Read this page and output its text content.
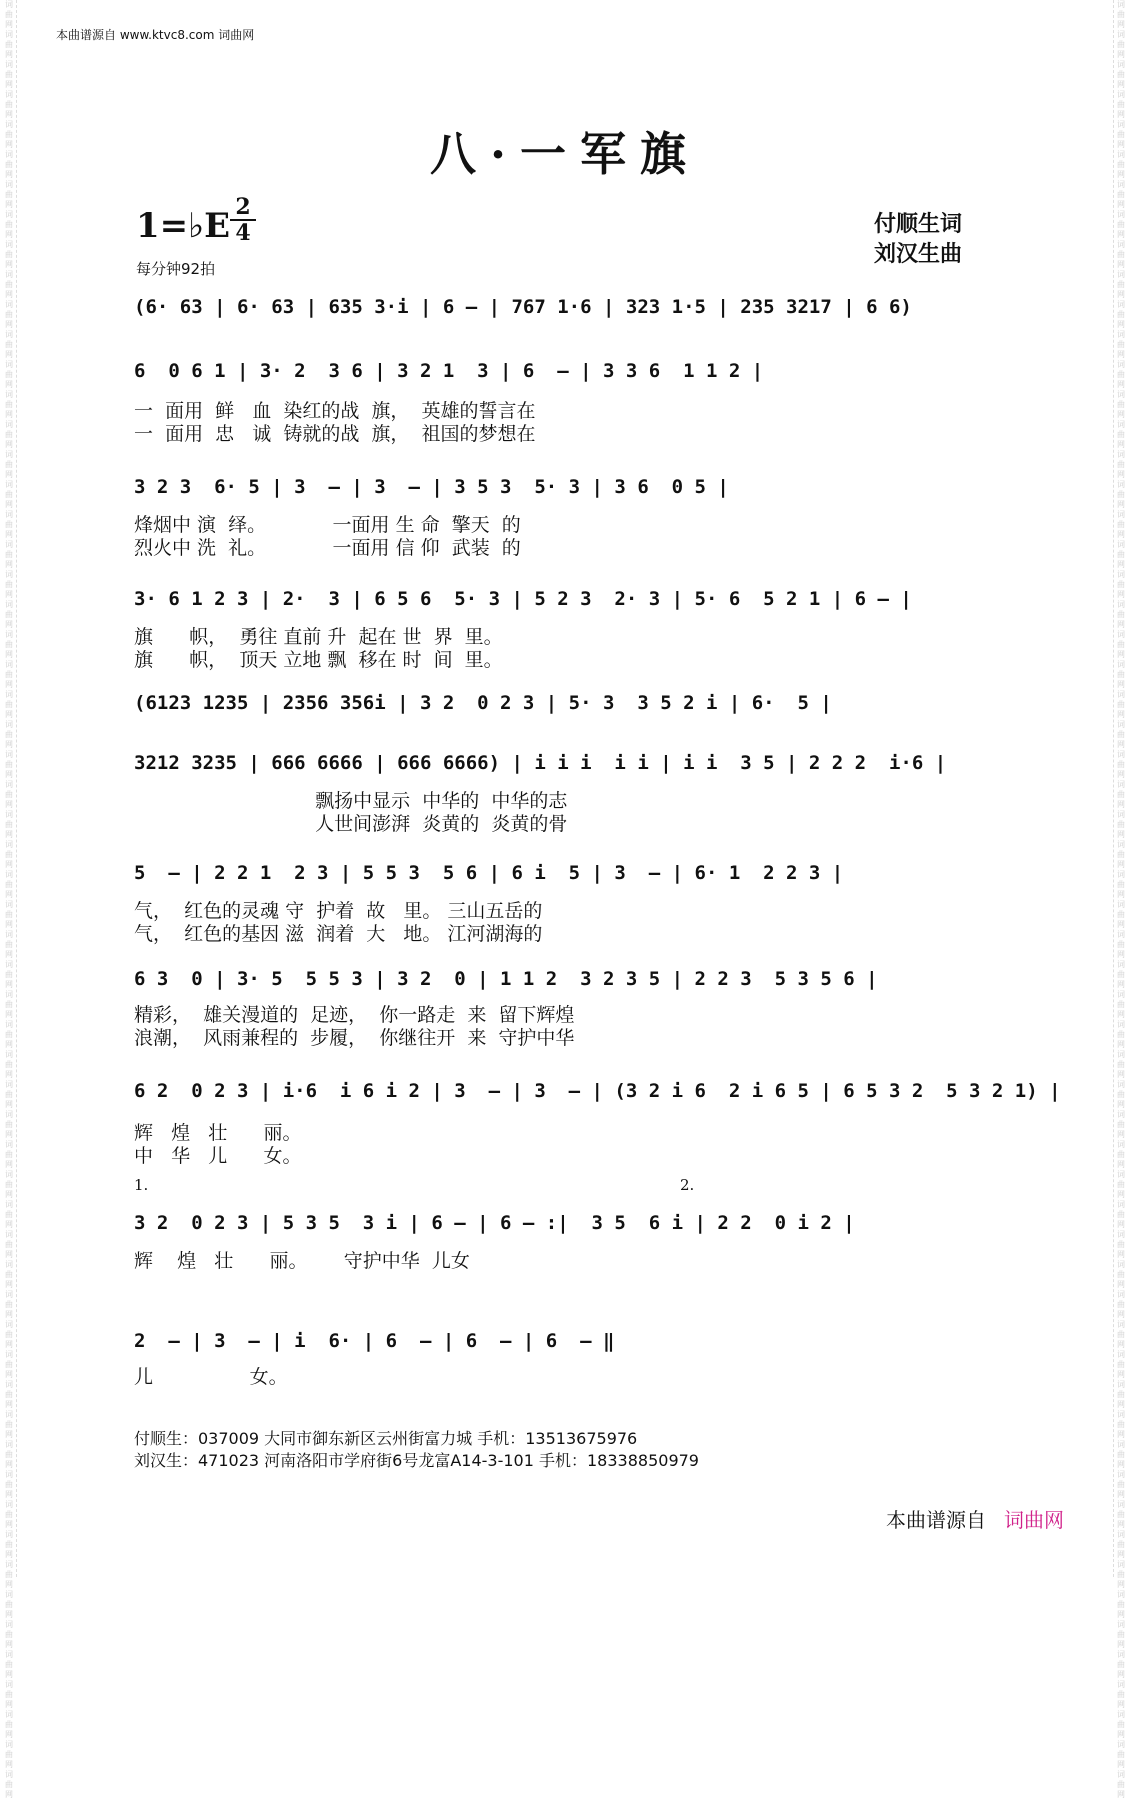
词 曲 网 词 曲 网 词 曲 网 词 曲 网 词 曲 网 词 曲 网 词 曲 网 词 曲 网 词 曲 网 词 曲 网 词 曲 网 词 曲 网 词 曲 网 词 曲 网 词 曲 网 词 曲 网 词 曲 网 词 曲 网 词 曲 网 词 曲 网 词 曲 网 词 曲 网 词 曲 网 词 曲 网 词 曲 网 词 曲 网 词 曲 网 词 曲 网 词 曲 网 词 曲 网 词 曲 网 词 曲 网 词 曲 网 词 曲 网 词 曲 网 词 曲 网 词 曲 网 词 曲 网 词 曲 网 词 曲 网 词 曲 网 词 曲 网 词 曲 网 词 曲 网 词 曲 网 词 曲 网 词 曲 网 词 曲 网 词 曲 网 词 曲 网 词 曲 网 词 曲 网 词 曲 网 词 曲 网 词 曲 网 词 曲 网 词 曲 网 词 曲 网 词 曲 网 词 曲 网
词 曲 网 词 曲 网 词 曲 网 词 曲 网 词 曲 网 词 曲 网 词 曲 网 词 曲 网 词 曲 网 词 曲 网 词 曲 网 词 曲 网 词 曲 网 词 曲 网 词 曲 网 词 曲 网 词 曲 网 词 曲 网 词 曲 网 词 曲 网 词 曲 网 词 曲 网 词 曲 网 词 曲 网 词 曲 网 词 曲 网 词 曲 网 词 曲 网 词 曲 网 词 曲 网 词 曲 网 词 曲 网 词 曲 网 词 曲 网 词 曲 网 词 曲 网 词 曲 网 词 曲 网 词 曲 网 词 曲 网 词 曲 网 词 曲 网 词 曲 网 词 曲 网 词 曲 网 词 曲 网 词 曲 网 词 曲 网 词 曲 网 词 曲 网 词 曲 网 词 曲 网 词 曲 网 词 曲 网 词 曲 网 词 曲 网 词 曲 网 词 曲 网 词 曲 网 词 曲 网
本曲谱源自 www.ktvc8.com 词曲网
八·一军旗
1=♭E 2
4
每分钟92拍
付顺生词
刘汉生曲
(6· 63 | 6· 63 | 635 3·i | 6 – | 767 1·6 | 323 1·5 | 235 3217 | 6 6)
6  0 6 1 | 3· 2  3 6 | 3 2 1  3 | 6  – | 3 3 6  1 1 2 |
一  面用  鲜   血  染红的战  旗，  英雄的誓言在
一  面用  忠   诚  铸就的战  旗，  祖国的梦想在
3 2 3  6· 5 | 3  – | 3  – | 3 5 3  5· 3 | 3 6  0 5 |
烽烟中 演  绎。           一面用 生 命  擎天  的
烈火中 洗  礼。           一面用 信 仰  武装  的
3· 6 1 2 3 | 2·  3 | 6 5 6  5· 3 | 5 2 3  2· 3 | 5· 6  5 2 1 | 6 – |
旗      帜，  勇往 直前 升  起在 世  界  里。
旗      帜，  顶天 立地 飘  移在 时  间  里。
(6123 1235 | 2356 356i | 3 2  0 2 3 | 5· 3  3 5 2 i | 6·  5 |
3212 3235 | 666 6666 | 666 6666) | i i i  i i | i i  3 5 | 2 2 2  i·6 |
飘扬中显示  中华的  中华的志
人世间澎湃  炎黄的  炎黄的骨
5  – | 2 2 1  2 3 | 5 5 3  5 6 | 6 i  5 | 3  – | 6· 1  2 2 3 |
气，  红色的灵魂 守  护着  故   里。 三山五岳的
气，  红色的基因 滋  润着  大   地。 江河湖海的
6 3  0 | 3· 5  5 5 3 | 3 2  0 | 1 1 2  3 2 3 5 | 2 2 3  5 3 5 6 |
精彩，  雄关漫道的  足迹，  你一路走  来  留下辉煌
浪潮，  风雨兼程的  步履，  你继往开  来  守护中华
6 2  0 2 3 | i·6  i 6 i 2 | 3  – | 3  – | (3 2 i 6  2 i 6 5 | 6 5 3 2  5 3 2 1) |
辉   煌   壮      丽。
中   华   儿      女。
3 2  0 2 3 | 5 3 5  3 i | 6 – | 6 – :|  3 5  6 i | 2 2  0 i 2 |
辉    煌   壮      丽。      守护中华  儿女
2  – | 3  – | i  6· | 6  – | 6  – | 6  – ‖
儿                女。
1.	2.
付顺生：037009 大同市御东新区云州街富力城 手机：13513675976
刘汉生：471023 河南洛阳市学府街6号龙富A14-3-101 手机：18338850979
本曲谱源自 词曲网
